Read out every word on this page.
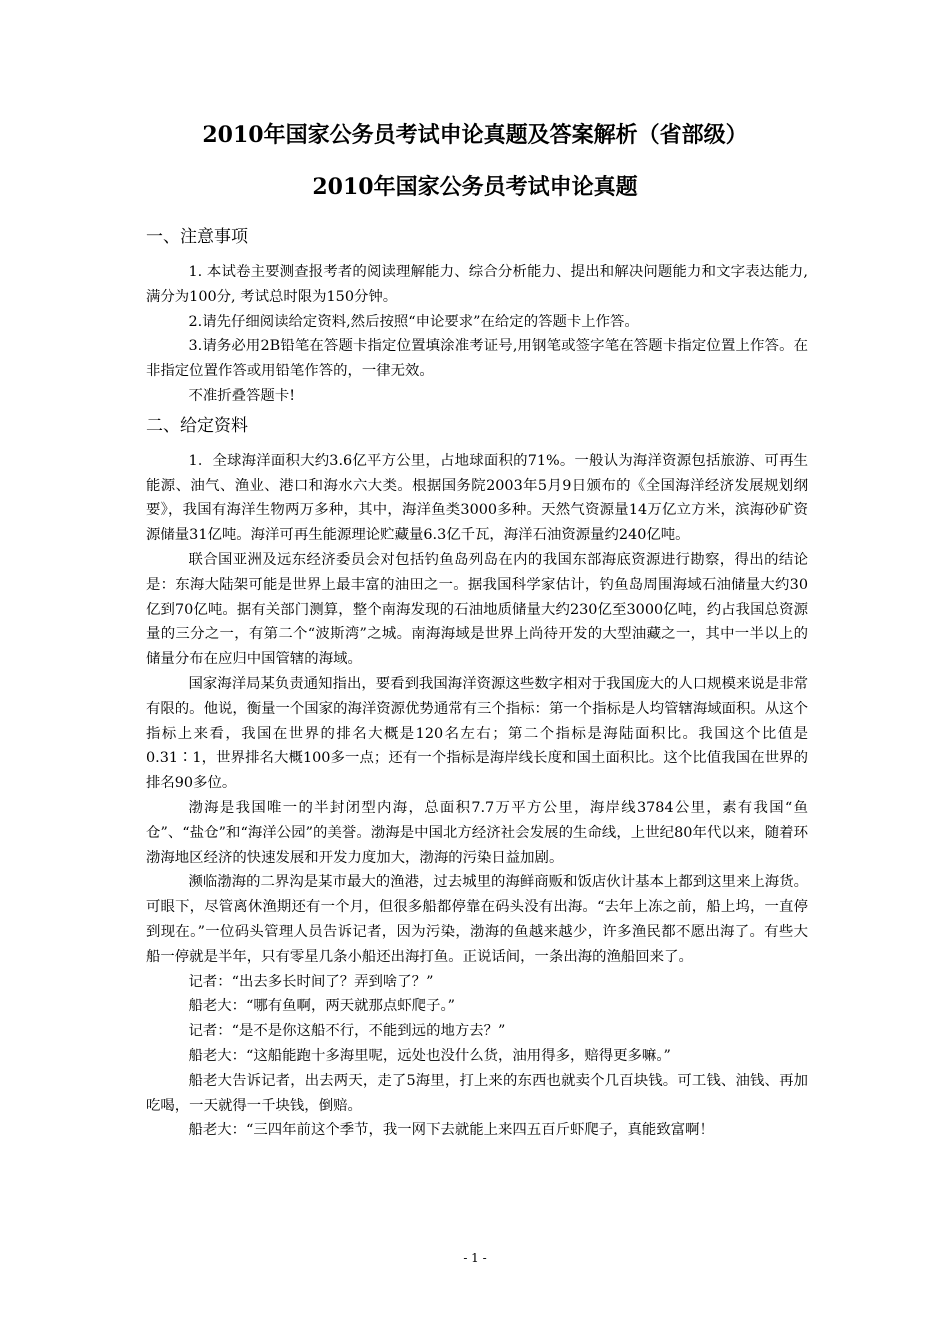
2010年国家公务员考试申论真题及答案解析（省部级）
2010年国家公务员考试申论真题
一、注意事项

1. 本试卷主要测查报考者的阅读理解能力、综合分析能力、提出和解决问题能力和文字表达能力,满分为100分, 考试总时限为150分钟。

2.请先仔细阅读给定资料,然后按照“申论要求”在给定的答题卡上作答。

3.请务必用2B铅笔在答题卡指定位置填涂准考证号,用钢笔或签字笔在答题卡指定位置上作答。在非指定位置作答或用铅笔作答的，一律无效。

不准折叠答题卡!

二、给定资料

1．全球海洋面积大约3.6亿平方公里，占地球面积的71%。一般认为海洋资源包括旅游、可再生能源、油气、渔业、港口和海水六大类。根据国务院2003年5月9日颁布的《全国海洋经济发展规划纲要》，我国有海洋生物两万多种，其中，海洋鱼类3000多种。天然气资源量14万亿立方米，滨海砂矿资源储量31亿吨。海洋可再生能源理论贮藏量6.3亿千瓦，海洋石油资源量约240亿吨。

联合国亚洲及远东经济委员会对包括钓鱼岛列岛在内的我国东部海底资源进行勘察，得出的结论是：东海大陆架可能是世界上最丰富的油田之一。据我国科学家估计，钓鱼岛周围海域石油储量大约30亿到70亿吨。据有关部门测算，整个南海发现的石油地质储量大约230亿至3000亿吨，约占我国总资源量的三分之一，有第二个“波斯湾”之城。南海海域是世界上尚待开发的大型油藏之一，其中一半以上的储量分布在应归中国管辖的海域。

国家海洋局某负责通知指出，要看到我国海洋资源这些数字相对于我国庞大的人口规模来说是非常有限的。他说，衡量一个国家的海洋资源优势通常有三个指标：第一个指标是人均管辖海域面积。从这个指标上来看，我国在世界的排名大概是120名左右；第二个指标是海陆面积比。我国这个比值是0.31∶1，世界排名大概100多一点；还有一个指标是海岸线长度和国土面积比。这个比值我国在世界的排名90多位。

渤海是我国唯一的半封闭型内海，总面积7.7万平方公里，海岸线3784公里，素有我国“鱼仓”、“盐仓”和“海洋公园”的美誉。渤海是中国北方经济社会发展的生命线，上世纪80年代以来，随着环渤海地区经济的快速发展和开发力度加大，渤海的污染日益加剧。

濒临渤海的二界沟是某市最大的渔港，过去城里的海鲜商贩和饭店伙计基本上都到这里来上海货。可眼下，尽管离休渔期还有一个月，但很多船都停靠在码头没有出海。“去年上冻之前，船上坞，一直停到现在。”一位码头管理人员告诉记者，因为污染，渤海的鱼越来越少，许多渔民都不愿出海了。有些大船一停就是半年，只有零星几条小船还出海打鱼。正说话间，一条出海的渔船回来了。

记者：“出去多长时间了？弄到啥了？”

船老大：“哪有鱼啊，两天就那点虾爬子。”

记者：“是不是你这船不行，不能到远的地方去？”

船老大：“这船能跑十多海里呢，远处也没什么货，油用得多，赔得更多嘛。”

船老大告诉记者，出去两天，走了5海里，打上来的东西也就卖个几百块钱。可工钱、油钱、再加吃喝，一天就得一千块钱，倒赔。

船老大：“三四年前这个季节，我一网下去就能上来四五百斤虾爬子，真能致富啊！

- 1 -
